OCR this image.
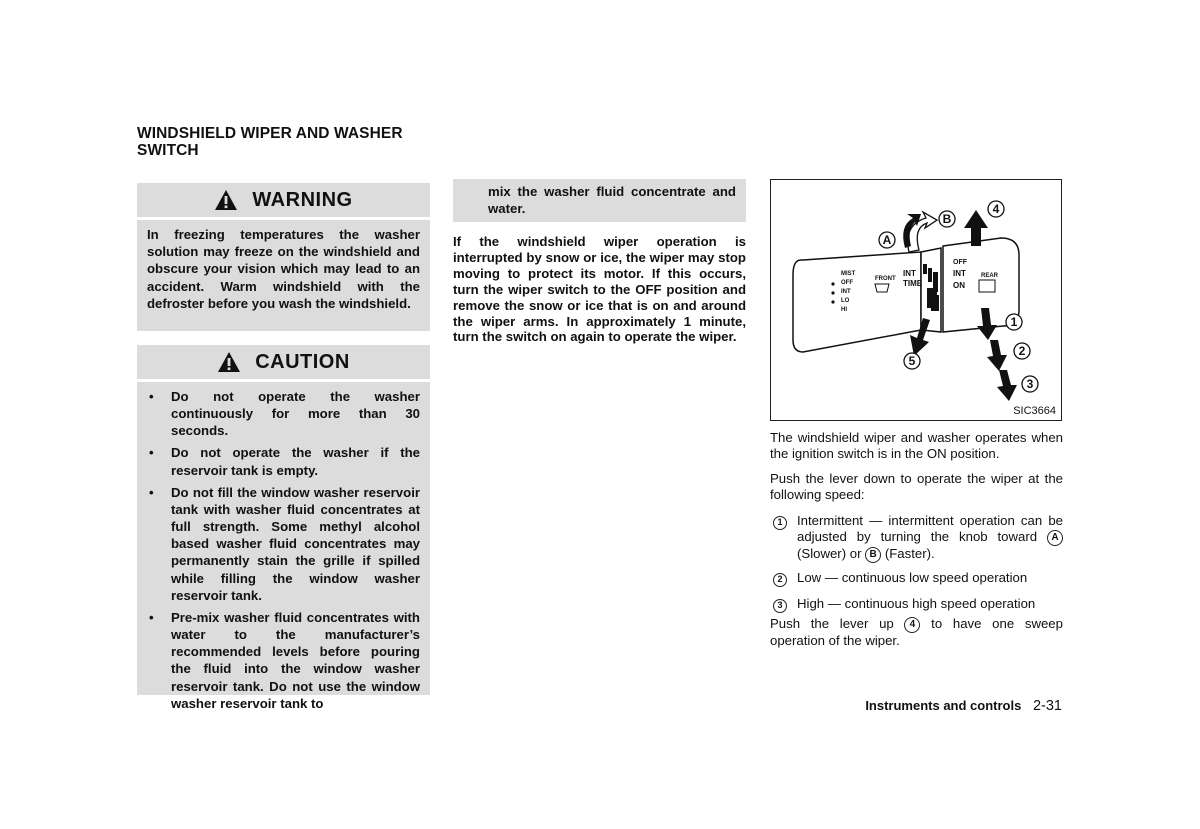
WINDSHIELD WIPER AND WASHER SWITCH
WARNING
In freezing temperatures the washer solution may freeze on the windshield and obscure your vision which may lead to an accident. Warm windshield with the defroster before you wash the windshield.
CAUTION
• Do not operate the washer continuously for more than 30 seconds.
• Do not operate the washer if the reservoir tank is empty.
• Do not fill the window washer reservoir tank with washer fluid concentrates at full strength. Some methyl alcohol based washer fluid concentrates may permanently stain the grille if spilled while filling the window washer reservoir tank.
• Pre-mix washer fluid concentrates with water to the manufacturer’s recommended levels before pouring the fluid into the window washer reservoir tank. Do not use the window washer reservoir tank to
mix the washer fluid concentrate and water.
If the windshield wiper operation is interrupted by snow or ice, the wiper may stop moving to protect its motor. If this occurs, turn the wiper switch to the OFF position and remove the snow or ice that is on and around the wiper arms. In approximately 1 minute, turn the switch on again to operate the wiper.
MIST
OFF
INT
LO
HI
FRONT
INT
TIME
OFF
INT
ON
REAR
A
B
4
1
2
3
5
SIC3664
The windshield wiper and washer operates when the ignition switch is in the ON position.
Push the lever down to operate the wiper at the following speed:
1	Intermittent — intermittent operation can be adjusted by turning the knob toward A (Slower) or B (Faster).
2	Low — continuous low speed operation
3	High — continuous high speed operation
Push the lever up 4 to have one sweep operation of the wiper.
Instruments and controls 2-31
